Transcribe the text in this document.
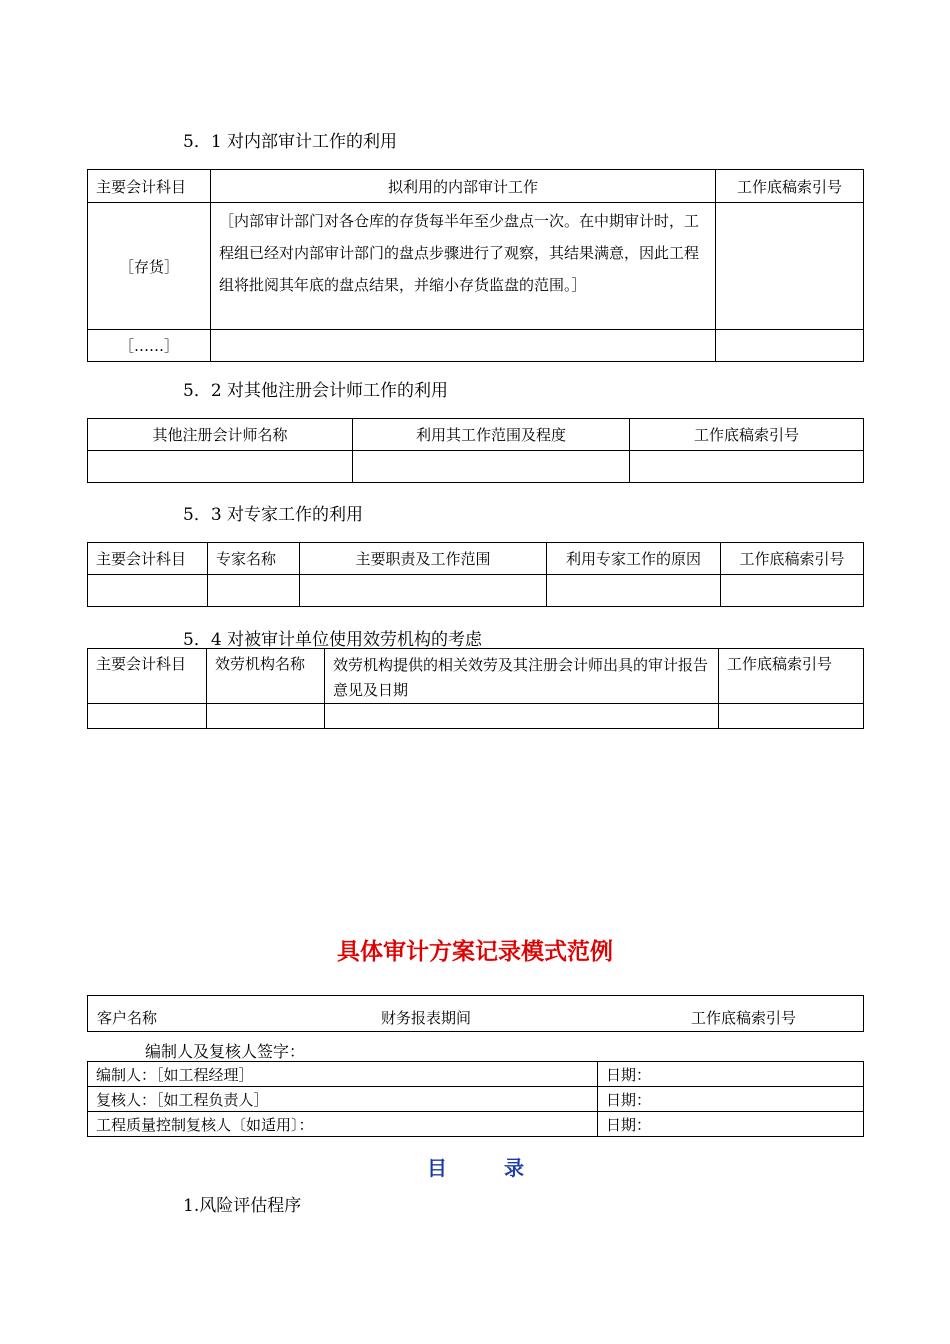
5．1 对内部审计工作的利用
主要会计科目	拟利用的内部审计工作	工作底稿索引号
［存货］	［内部审计部门对各仓库的存货每半年至少盘点一次。在中期审计时，工程组已经对内部审计部门的盘点步骤进行了观察，其结果满意，因此工程组将批阅其年底的盘点结果，并缩小存货监盘的范围。］	
［……］		
5．2 对其他注册会计师工作的利用
其他注册会计师名称	利用其工作范围及程度	工作底稿索引号

5．3 对专家工作的利用
主要会计科目	专家名称	主要职责及工作范围	利用专家工作的原因	工作底稿索引号

5．4 对被审计单位使用效劳机构的考虑
主要会计科目	效劳机构名称	效劳机构提供的相关效劳及其注册会计师出具的审计报告意见及日期	工作底稿索引号

具体审计方案记录模式范例
客户名称	财务报表期间	工作底稿索引号
编制人及复核人签字：
编制人：［如工程经理］	日期：
复核人：［如工程负责人］	日期：
工程质量控制复核人〔如适用〕：	日期：
目	录
1.风险评估程序
